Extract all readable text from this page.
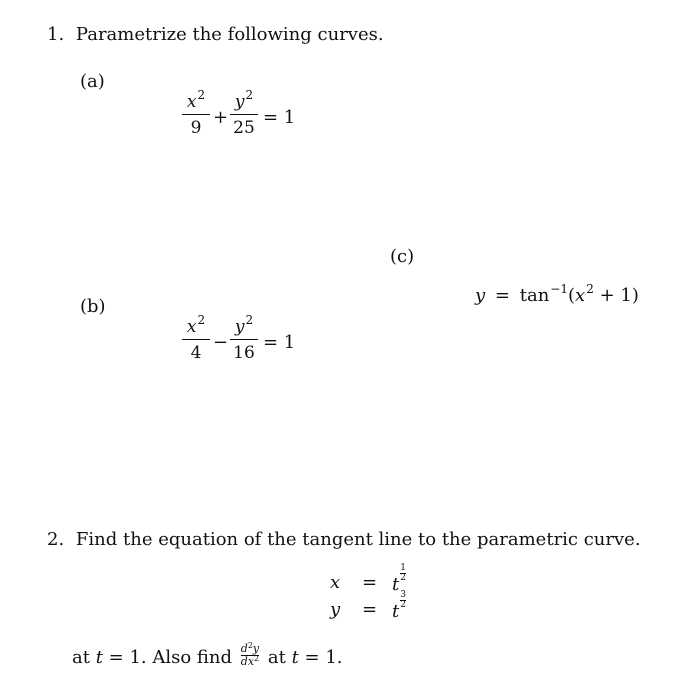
1. Parametrize the following curves.
(a)
$x^2$
9 +
$y^2$
25 = 1
(c)
$y = \tan^{-1}(x^2 + 1)$
(b)
$x^2$
4 −
$y^2$
16 = 1
2. Find the equation of the tangent line to the parametric curve.
$x = t\frac{1}{2}$
$y = t\frac{3}{2}$
at t = 1. Also find $\frac{d^2y}{dx^2}$ at t = 1.
